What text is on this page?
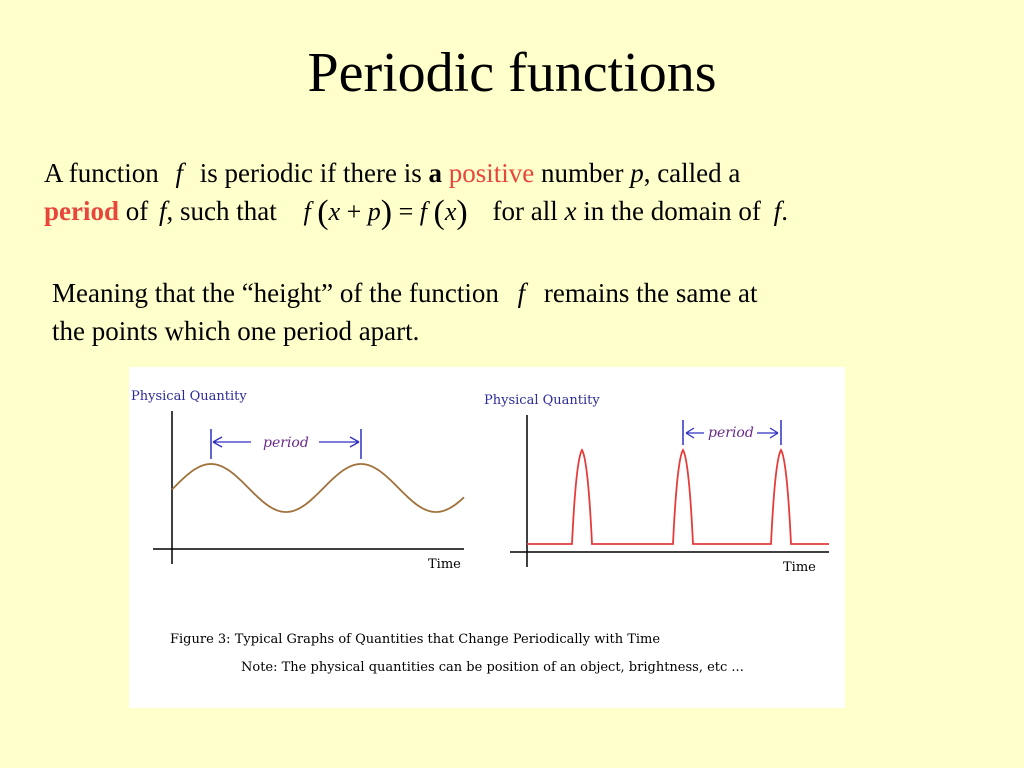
Periodic functions
A function f is periodic if there is a positive number p, called a
period of f, such that f (x + p) = f (x) for all x in the domain of f.
Meaning that the “height” of the function f remains the same at
the points which one period apart.
Physical Quantity
Time
period
Physical Quantity
Time
period
Figure 3: Typical Graphs of Quantities that Change Periodically with Time
Note: The physical quantities can be position of an object, brightness, etc ...
